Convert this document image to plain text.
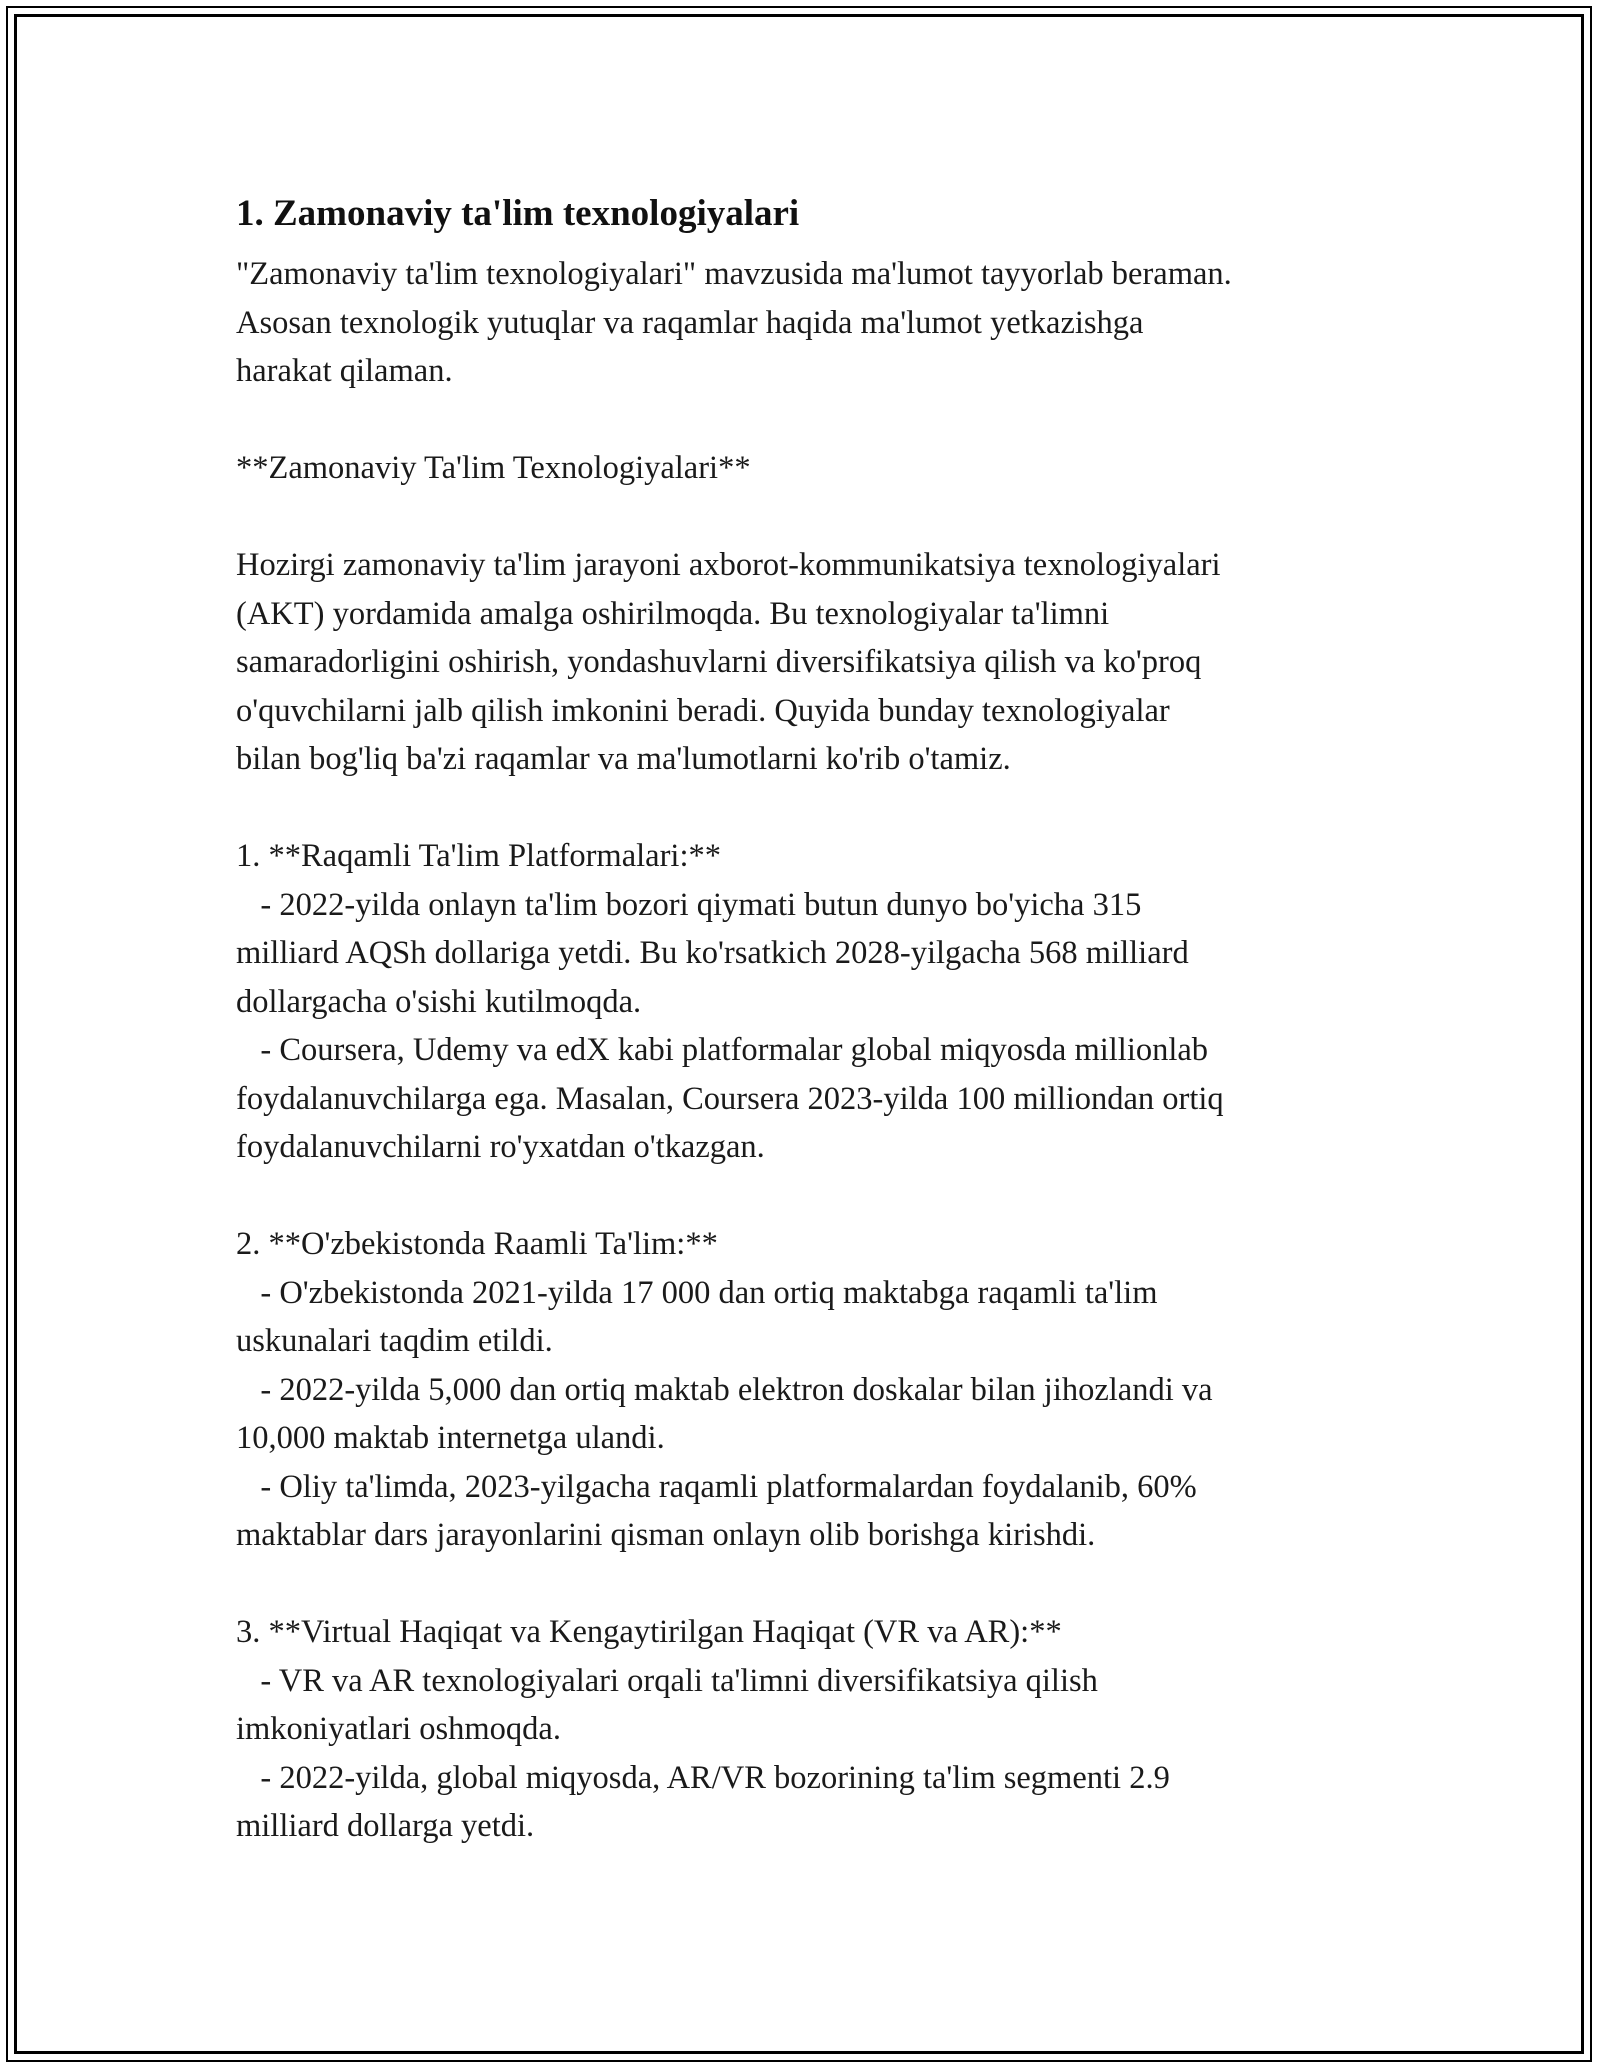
1. Zamonaviy ta'lim texnologiyalari
"Zamonaviy ta'lim texnologiyalari" mavzusida ma'lumot tayyorlab beraman.
Asosan texnologik yutuqlar va raqamlar haqida ma'lumot yetkazishga
harakat qilaman.
**Zamonaviy Ta'lim Texnologiyalari**
Hozirgi zamonaviy ta'lim jarayoni axborot-kommunikatsiya texnologiyalari
(AKT) yordamida amalga oshirilmoqda. Bu texnologiyalar ta'limni
samaradorligini oshirish, yondashuvlarni diversifikatsiya qilish va ko'proq
o'quvchilarni jalb qilish imkonini beradi. Quyida bunday texnologiyalar
bilan bog'liq ba'zi raqamlar va ma'lumotlarni ko'rib o'tamiz.
1. **Raqamli Ta'lim Platformalari:**
- 2022-yilda onlayn ta'lim bozori qiymati butun dunyo bo'yicha 315
milliard AQSh dollariga yetdi. Bu ko'rsatkich 2028-yilgacha 568 milliard
dollargacha o'sishi kutilmoqda.
- Coursera, Udemy va edX kabi platformalar global miqyosda millionlab
foydalanuvchilarga ega. Masalan, Coursera 2023-yilda 100 milliondan ortiq
foydalanuvchilarni ro'yxatdan o'tkazgan.
2. **O'zbekistonda Raamli Ta'lim:**
- O'zbekistonda 2021-yilda 17 000 dan ortiq maktabga raqamli ta'lim
uskunalari taqdim etildi.
- 2022-yilda 5,000 dan ortiq maktab elektron doskalar bilan jihozlandi va
10,000 maktab internetga ulandi.
- Oliy ta'limda, 2023-yilgacha raqamli platformalardan foydalanib, 60%
maktablar dars jarayonlarini qisman onlayn olib borishga kirishdi.
3. **Virtual Haqiqat va Kengaytirilgan Haqiqat (VR va AR):**
- VR va AR texnologiyalari orqali ta'limni diversifikatsiya qilish
imkoniyatlari oshmoqda.
- 2022-yilda, global miqyosda, AR/VR bozorining ta'lim segmenti 2.9
milliard dollarga yetdi.
